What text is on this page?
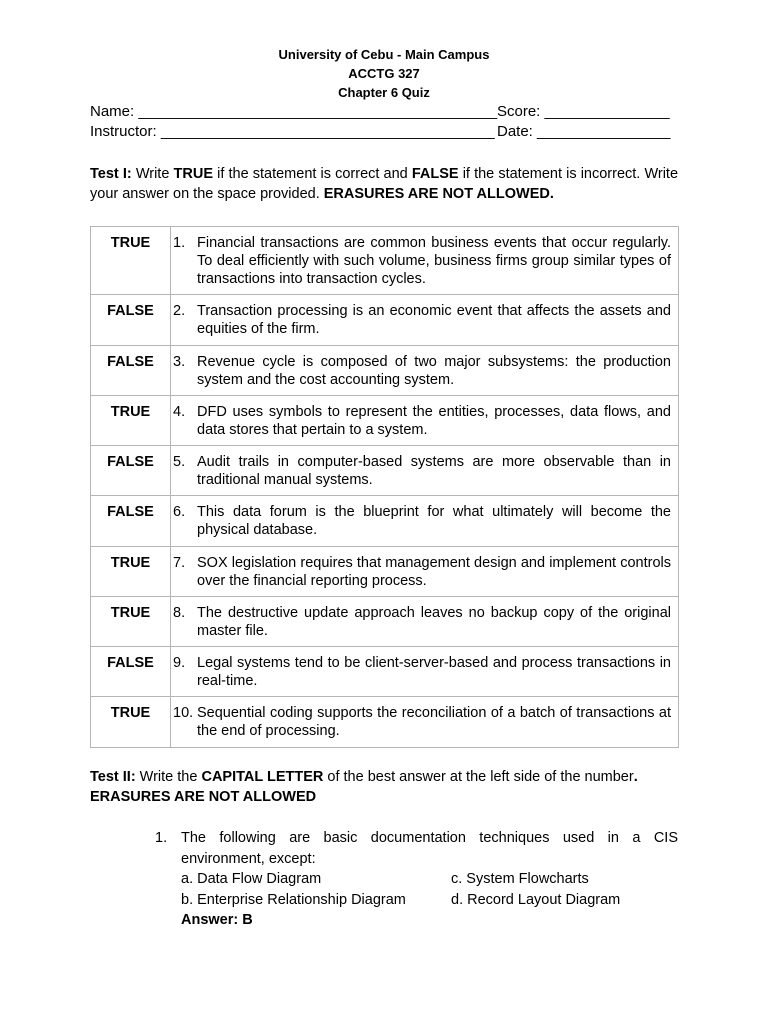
University of Cebu - Main Campus
ACCTG 327
Chapter 6 Quiz
Name: ___________________________________________ Score: _______________
Instructor: ________________________________________ Date: ________________
Test I: Write TRUE if the statement is correct and FALSE if the statement is incorrect. Write your answer on the space provided. ERASURES ARE NOT ALLOWED.
TRUE	1. Financial transactions are common business events that occur regularly. To deal efficiently with such volume, business firms group similar types of transactions into transaction cycles.

FALSE	2. Transaction processing is an economic event that affects the assets and equities of the firm.

FALSE	3. Revenue cycle is composed of two major subsystems: the production system and the cost accounting system.

TRUE	4. DFD uses symbols to represent the entities, processes, data flows, and data stores that pertain to a system.

FALSE	5. Audit trails in computer-based systems are more observable than in traditional manual systems.

FALSE	6. This data forum is the blueprint for what ultimately will become the physical database.

TRUE	7. SOX legislation requires that management design and implement controls over the financial reporting process.

TRUE	8. The destructive update approach leaves no backup copy of the original master file.

FALSE	9. Legal systems tend to be client-server-based and process transactions in real-time.

TRUE	10. Sequential coding supports the reconciliation of a batch of transactions at the end of processing.
Test II: Write the CAPITAL LETTER of the best answer at the left side of the number.
ERASURES ARE NOT ALLOWED
1. The following are basic documentation techniques used in a CIS environment, except:
a. Data Flow Diagram	c. System Flowcharts
b. Enterprise Relationship Diagram	d. Record Layout Diagram
Answer: B
